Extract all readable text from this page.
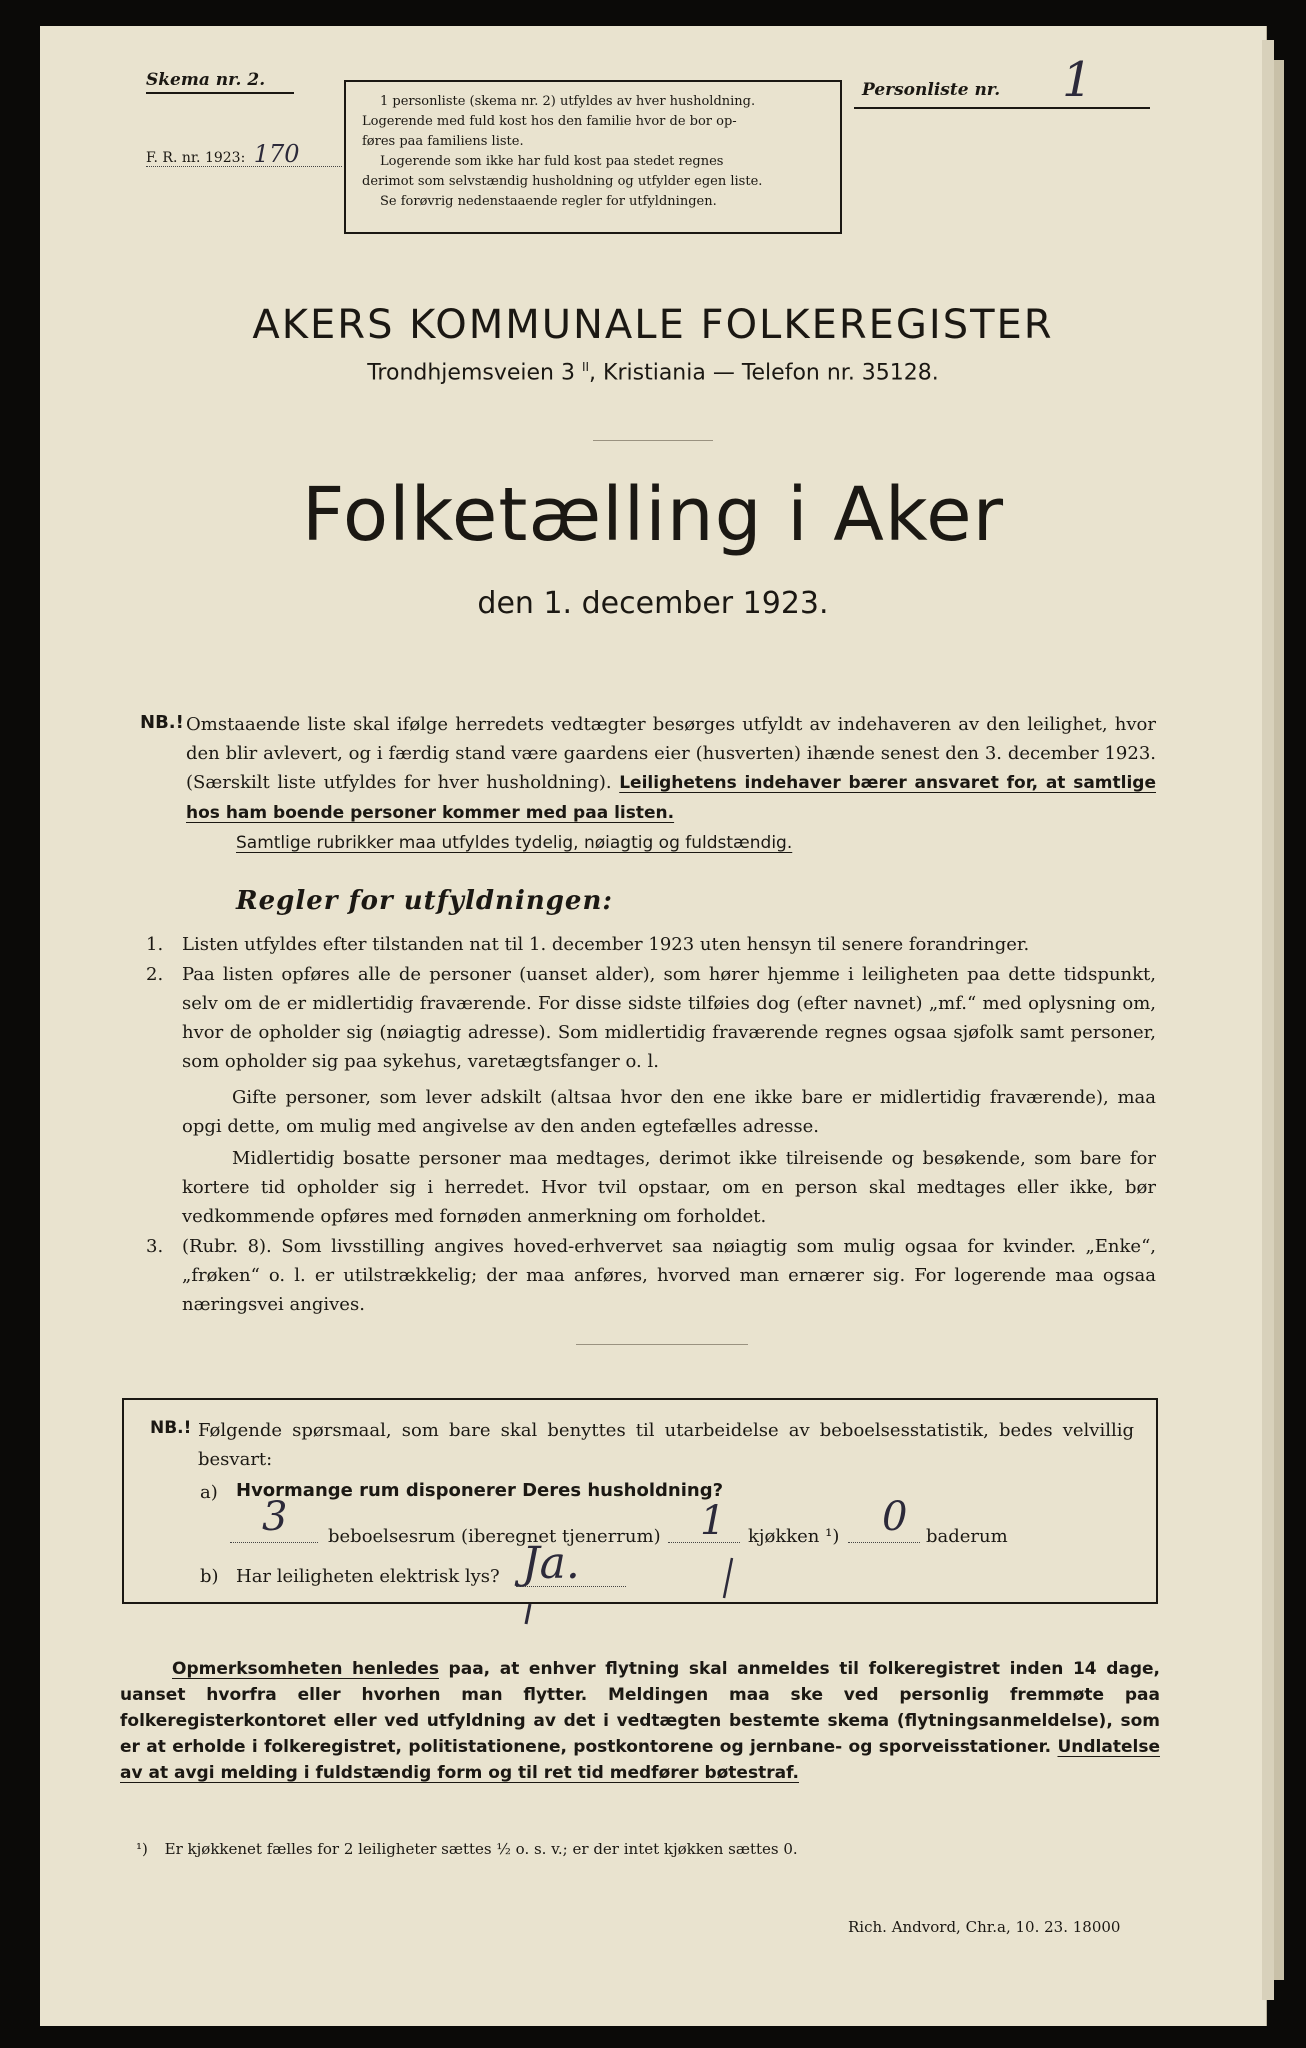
Skema nr. 2.
F. R. nr. 1923: 170

1 personliste (skema nr. 2) utfyldes av hver husholdning.

Logerende med fuld kost hos den familie hvor de bor op-

føres paa familiens liste.

Logerende som ikke har fuld kost paa stedet regnes

derimot som selvstændig husholdning og utfylder egen liste.

Se forøvrig nedenstaaende regler for utfyldningen.

Personliste nr. 1
AKERS KOMMUNALE FOLKEREGISTER
Trondhjemsveien 3 $^{II}$, Kristiania — Telefon nr. 35128.
Folketælling i Aker
den 1. december 1923.
NB.! Omstaaende liste skal ifølge herredets vedtægter besørges utfyldt av indehaveren av den leilighet, hvor den blir avlevert, og i færdig stand være gaardens eier (husverten) ihænde senest den 3. december 1923. (Særskilt liste utfyldes for hver husholdning). Leilighetens indehaver bærer ansvaret for, at samtlige hos ham boende personer kommer med paa listen.
Samtlige rubrikker maa utfyldes tydelig, nøiagtig og fuldstændig.
Regler for utfyldningen:
1. Listen utfyldes efter tilstanden nat til 1. december 1923 uten hensyn til senere forandringer.
2. Paa listen opføres alle de personer (uanset alder), som hører hjemme i leiligheten paa dette tidspunkt, selv om de er midlertidig fraværende. For disse sidste tilføies dog (efter navnet) „mf.“ med oplysning om, hvor de opholder sig (nøiagtig adresse). Som midlertidig fraværende regnes ogsaa sjøfolk samt personer, som opholder sig paa sykehus, varetægtsfanger o. l.
Gifte personer, som lever adskilt (altsaa hvor den ene ikke bare er midlertidig fraværende), maa opgi dette, om mulig med angivelse av den anden egtefælles adresse.
Midlertidig bosatte personer maa medtages, derimot ikke tilreisende og besøkende, som bare for kortere tid opholder sig i herredet. Hvor tvil opstaar, om en person skal medtages eller ikke, bør vedkommende opføres med fornøden anmerkning om forholdet.
3. (Rubr. 8). Som livsstilling angives hoved-erhvervet saa nøiagtig som mulig ogsaa for kvinder. „Enke“, „frøken“ o. l. er utilstrækkelig; der maa anføres, hvorved man ernærer sig. For logerende maa ogsaa næringsvei angives.
NB.! Følgende spørsmaal, som bare skal benyttes til utarbeidelse av beboelsesstatistik, bedes velvillig besvart:
a) Hvormange rum disponerer Deres husholdning?
3 beboelsesrum (iberegnet tjenerrum) 1 kjøkken ¹) 0 baderum
b) Har leiligheten elektrisk lys? Ja.
Opmerksomheten henledes paa, at enhver flytning skal anmeldes til folkeregistret inden 14 dage, uanset hvorfra eller hvorhen man flytter. Meldingen maa ske ved personlig fremmøte paa folkeregisterkontoret eller ved utfyldning av det i vedtægten bestemte skema (flytningsanmeldelse), som er at erholde i folkeregistret, politistationene, postkontorene og jernbane- og sporveisstationer. Undlatelse av at avgi melding i fuldstændig form og til ret tid medfører bøtestraf.
¹) Er kjøkkenet fælles for 2 leiligheter sættes ½ o. s. v.; er der intet kjøkken sættes 0.
Rich. Andvord, Chr.a, 10. 23. 18000
